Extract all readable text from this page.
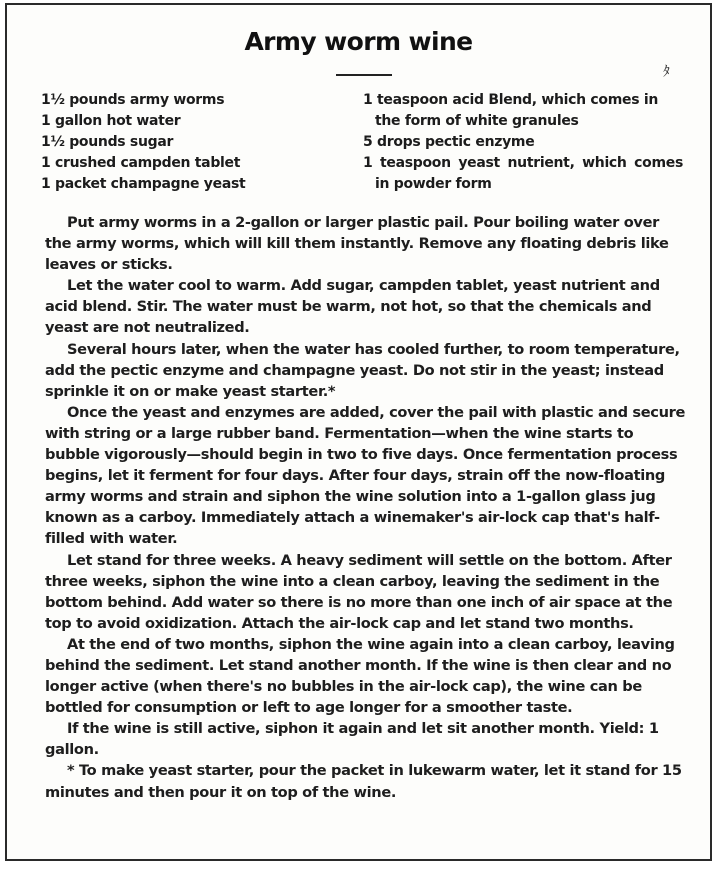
Army worm wine
ﾀ

1½ pounds army worms

1 gallon hot water

1½ pounds sugar

1 crushed campden tablet

1 packet champagne yeast

1 teaspoon acid Blend, which comes in the form of white granules

5 drops pectic enzyme

1 teaspoon yeast nutrient, which comes in powder form

Put army worms in a 2-gallon or larger plastic pail. Pour boiling water over the army worms, which will kill them instantly. Remove any floating debris like leaves or sticks.

Let the water cool to warm. Add sugar, campden tablet, yeast nutrient and acid blend. Stir. The water must be warm, not hot, so that the chemicals and yeast are not neutralized.

Several hours later, when the water has cooled further, to room temperature, add the pectic enzyme and champagne yeast. Do not stir in the yeast; instead sprinkle it on or make yeast starter.*

Once the yeast and enzymes are added, cover the pail with plastic and secure with string or a large rubber band. Fermentation—when the wine starts to bubble vigorously—should begin in two to five days. Once fermentation process begins, let it ferment for four days. After four days, strain off the now-floating army worms and strain and siphon the wine solution into a 1-gallon glass jug known as a carboy. Immediately attach a winemaker's air-lock cap that's half-filled with water.

Let stand for three weeks. A heavy sediment will settle on the bottom. After three weeks, siphon the wine into a clean carboy, leaving the sediment in the bottom behind. Add water so there is no more than one inch of air space at the top to avoid oxidization. Attach the air-lock cap and let stand two months.

At the end of two months, siphon the wine again into a clean carboy, leaving behind the sediment. Let stand another month. If the wine is then clear and no longer active (when there's no bubbles in the air-lock cap), the wine can be bottled for consumption or left to age longer for a smoother taste.

If the wine is still active, siphon it again and let sit another month. Yield: 1 gallon.

* To make yeast starter, pour the packet in lukewarm water, let it stand for 15 minutes and then pour it on top of the wine.
